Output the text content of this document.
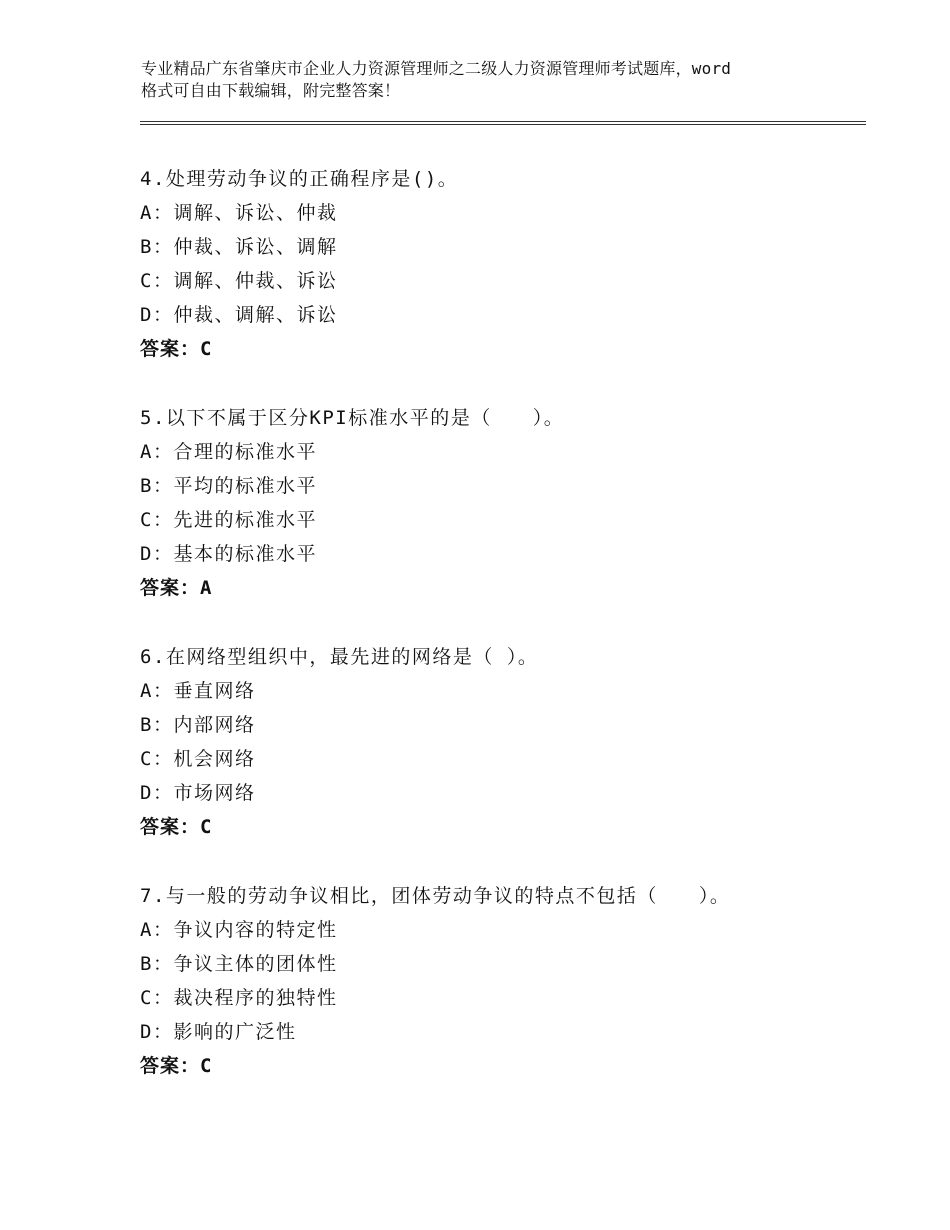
专业精品广东省肇庆市企业人力资源管理师之二级人力资源管理师考试题库，word
格式可自由下载编辑，附完整答案！
4.处理劳动争议的正确程序是()。
A：调解、诉讼、仲裁
B：仲裁、诉讼、调解
C：调解、仲裁、诉讼
D：仲裁、调解、诉讼
答案：C
5.以下不属于区分KPI标准水平的是（　　）。
A：合理的标准水平
B：平均的标准水平
C：先进的标准水平
D：基本的标准水平
答案：A
6.在网络型组织中，最先进的网络是（ ）。
A：垂直网络
B：内部网络
C：机会网络
D：市场网络
答案：C
7.与一般的劳动争议相比，团体劳动争议的特点不包括（　　）。
A：争议内容的特定性
B：争议主体的团体性
C：裁决程序的独特性
D：影响的广泛性
答案：C
